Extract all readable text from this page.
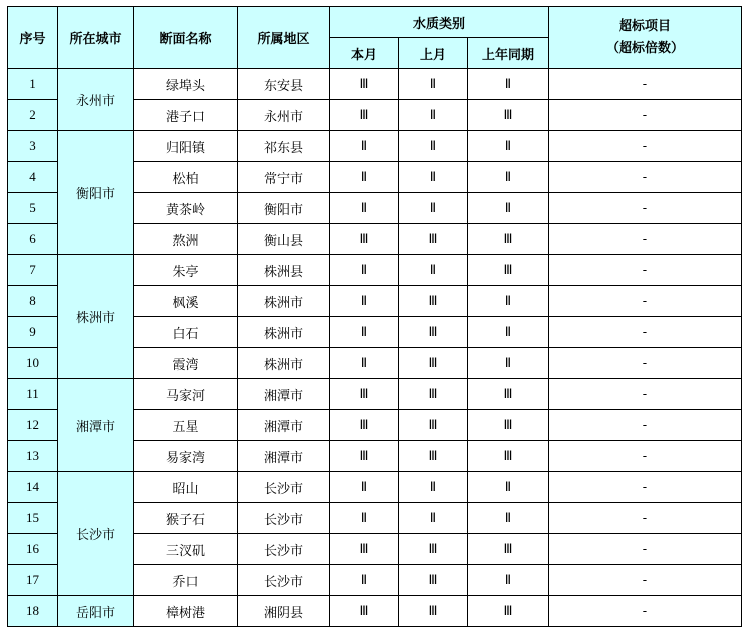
序号	所在城市	断面名称	所属地区	水质类别			超标项目
（超标倍数）

				本月	上月	上年同期	
1	永州市	绿埠头	东安县	Ⅲ	Ⅱ	Ⅱ	-
2		港子口	永州市	Ⅲ	Ⅱ	Ⅲ	-
3	衡阳市	归阳镇	祁东县	Ⅱ	Ⅱ	Ⅱ	-
4		松柏	常宁市	Ⅱ	Ⅱ	Ⅱ	-
5		黄茶岭	衡阳市	Ⅱ	Ⅱ	Ⅱ	-
6		熬洲	衡山县	Ⅲ	Ⅲ	Ⅲ	-
7	株洲市	朱亭	株洲县	Ⅱ	Ⅱ	Ⅲ	-
8		枫溪	株洲市	Ⅱ	Ⅲ	Ⅱ	-
9		白石	株洲市	Ⅱ	Ⅲ	Ⅱ	-
10		霞湾	株洲市	Ⅱ	Ⅲ	Ⅱ	-
11	湘潭市	马家河	湘潭市	Ⅲ	Ⅲ	Ⅲ	-
12		五星	湘潭市	Ⅲ	Ⅲ	Ⅲ	-
13		易家湾	湘潭市	Ⅲ	Ⅲ	Ⅲ	-
14	长沙市	昭山	长沙市	Ⅱ	Ⅱ	Ⅱ	-
15		猴子石	长沙市	Ⅱ	Ⅱ	Ⅱ	-
16		三汊矶	长沙市	Ⅲ	Ⅲ	Ⅲ	-
17		乔口	长沙市	Ⅱ	Ⅲ	Ⅱ	-
18	岳阳市	樟树港	湘阴县	Ⅲ	Ⅲ	Ⅲ	-
